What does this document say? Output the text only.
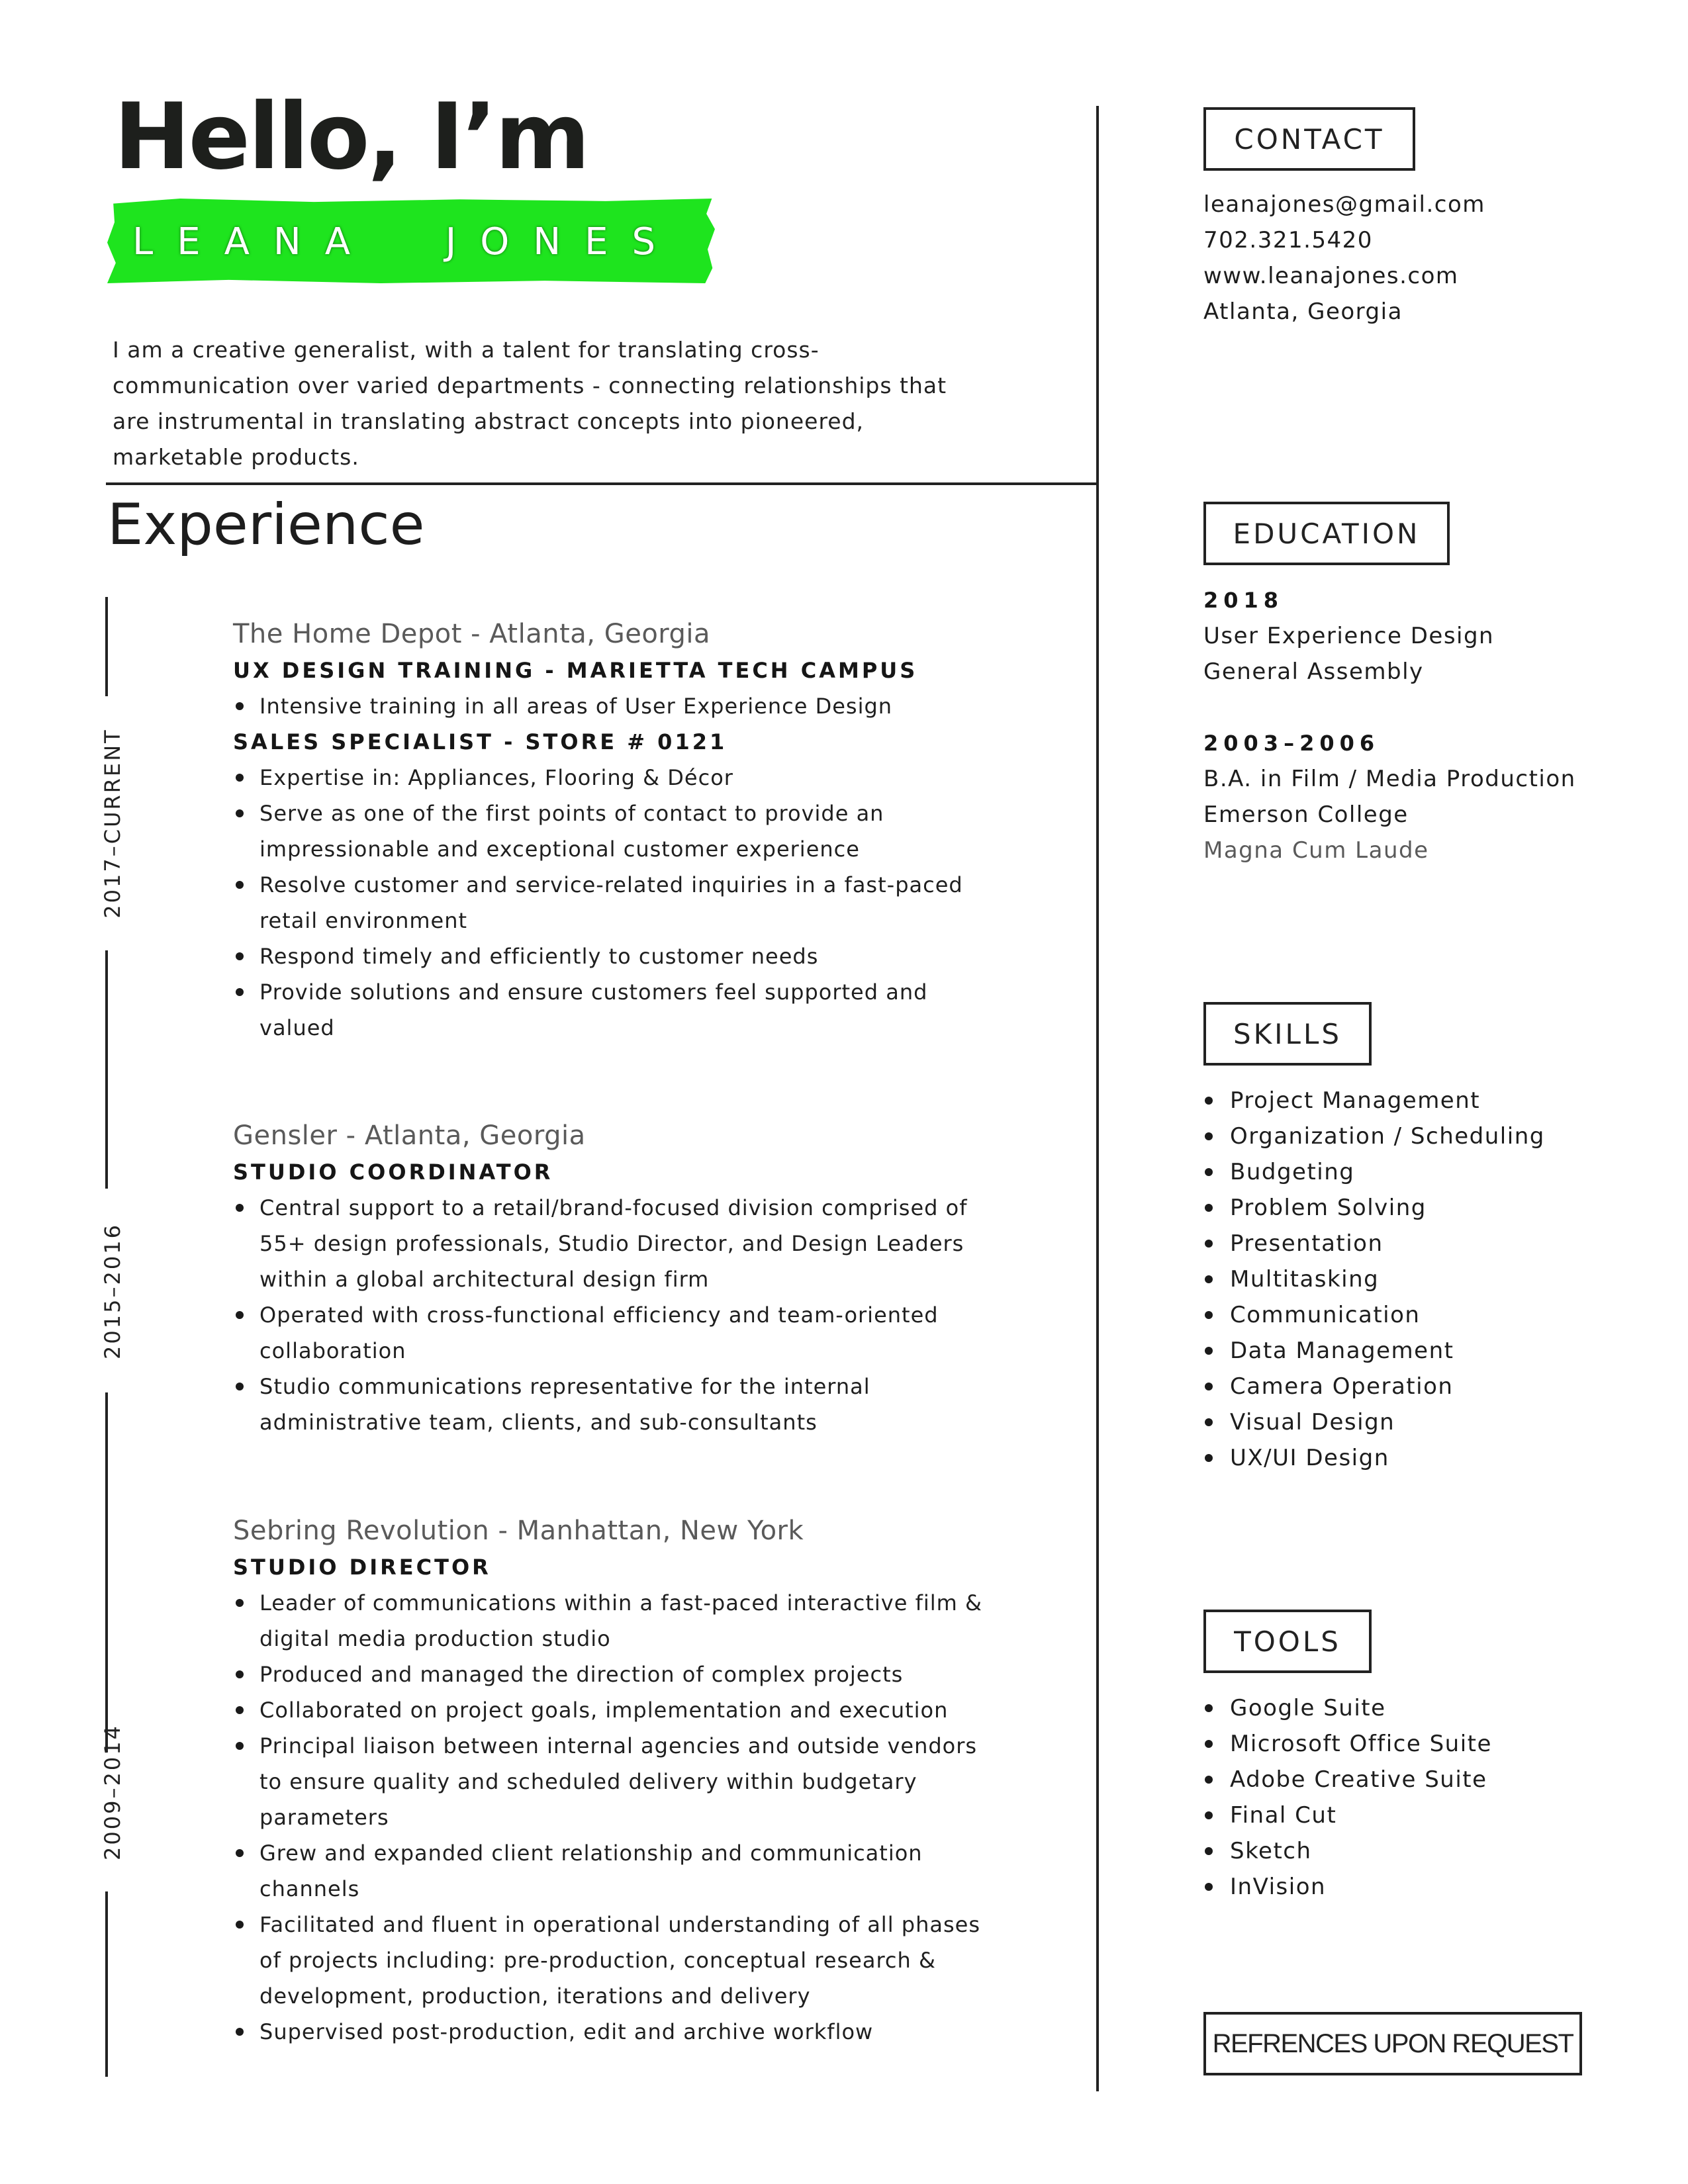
Hello, I’m
LEANA  JONES

I am a creative generalist, with a talent for translating cross-communication over varied departments - connecting relationships that are instrumental in translating abstract concepts into pioneered, marketable products.

Experience
2017–CURRENT
2015–2016
2009–2014
The Home Depot - Atlanta, Georgia
UX DESIGN TRAINING - MARIETTA TECH CAMPUS
Intensive training in all areas of User Experience Design
SALES SPECIALIST - STORE # 0121
Expertise in: Appliances, Flooring & Décor
Serve as one of the first points of contact to provide an impressionable and exceptional customer experience
Resolve customer and service-related inquiries in a fast-paced retail environment
Respond timely and efficiently to customer needs
Provide solutions and ensure customers feel supported and valued
Gensler - Atlanta, Georgia
STUDIO COORDINATOR
Central support to a retail/brand-focused division comprised of 55+ design professionals, Studio Director, and Design Leaders within a global architectural design firm
Operated with cross-functional efficiency and team-oriented collaboration
Studio communications representative for the internal administrative team, clients, and sub-consultants
Sebring Revolution - Manhattan, New York
STUDIO DIRECTOR
Leader of communications within a fast-paced interactive film & digital media production studio
Produced and managed the direction of complex projects
Collaborated on project goals, implementation and execution
Principal liaison between internal agencies and outside vendors to ensure quality and scheduled delivery within budgetary parameters
Grew and expanded client relationship and communication channels
Facilitated and fluent in operational understanding of all phases of projects including: pre-production, conceptual research & development, production, iterations and delivery
Supervised post-production, edit and archive workflow
CONTACT
leanajones@gmail.com
702.321.5420
www.leanajones.com
Atlanta, Georgia
EDUCATION
2018
User Experience Design
General Assembly
2003–2006
B.A. in Film / Media Production
Emerson College
Magna Cum Laude
SKILLS
Project Management
Organization / Scheduling
Budgeting
Problem Solving
Presentation
Multitasking
Communication
Data Management
Camera Operation
Visual Design
UX/UI Design
TOOLS
Google Suite
Microsoft Office Suite
Adobe Creative Suite
Final Cut
Sketch
InVision
REFRENCES UPON REQUEST
